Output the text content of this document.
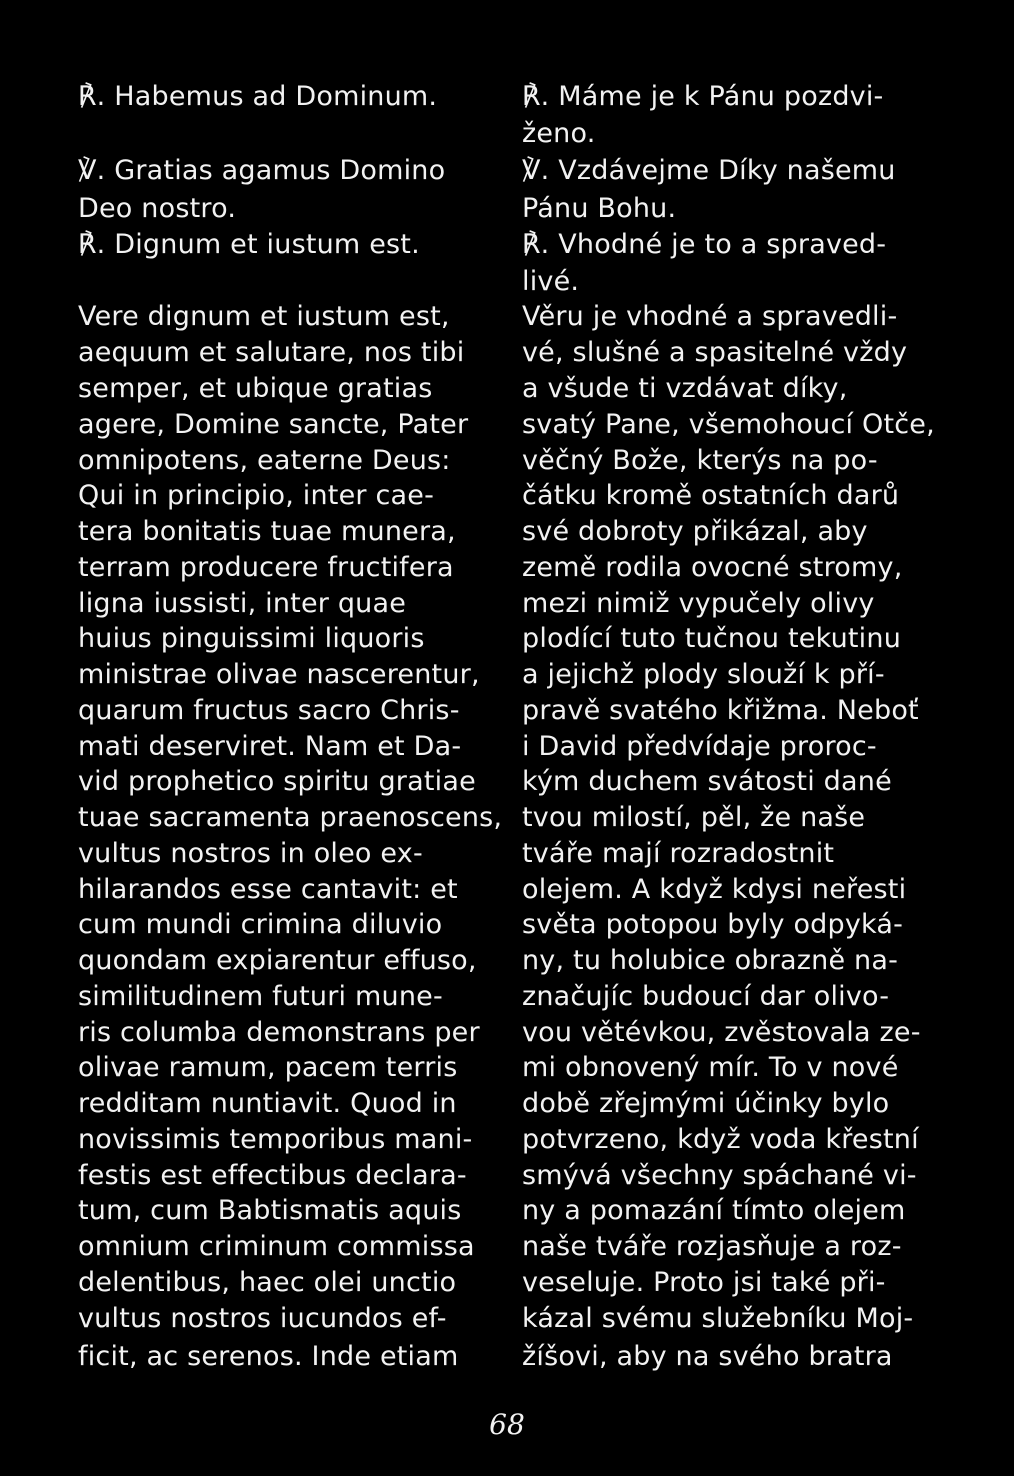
℟. Habemus ad Dominum.
℣. Gratias agamus Domino
Deo nostro.
℟. Dignum et iustum est.
Vere dignum et iustum est,
aequum et salutare, nos tibi
semper, et ubique gratias
agere, Domine sancte, Pater
omnipotens, eaterne Deus:
Qui in principio, inter cae-
tera bonitatis tuae munera,
terram producere fructifera
ligna iussisti, inter quae
huius pinguissimi liquoris
ministrae olivae nascerentur,
quarum fructus sacro Chris-
mati deserviret. Nam et Da-
vid prophetico spiritu gratiae
tuae sacramenta praenoscens,
vultus nostros in oleo ex-
hilarandos esse cantavit: et
cum mundi crimina diluvio
quondam expiarentur effuso,
similitudinem futuri mune-
ris columba demonstrans per
olivae ramum, pacem terris
redditam nuntiavit. Quod in
novissimis temporibus mani-
festis est effectibus declara-
tum, cum Babtismatis aquis
omnium criminum commissa
delentibus, haec olei unctio
vultus nostros iucundos ef-
ficit, ac serenos. Inde etiam
℟. Máme je k Pánu pozdvi-
ženo.
℣. Vzdávejme Díky našemu
Pánu Bohu.
℟. Vhodné je to a spraved-
livé.
Věru je vhodné a spravedli-
vé, slušné a spasitelné vždy
a všude ti vzdávat díky,
svatý Pane, všemohoucí Otče,
věčný Bože, kterýs na po-
čátku kromě ostatních darů
své dobroty přikázal, aby
země rodila ovocné stromy,
mezi nimiž vypučely olivy
plodící tuto tučnou tekutinu
a jejichž plody slouží k pří-
pravě svatého křižma. Neboť
i David předvídaje proroc-
kým duchem svátosti dané
tvou milostí, pěl, že naše
tváře mají rozradostnit
olejem. A když kdysi neřesti
světa potopou byly odpyká-
ny, tu holubice obrazně na-
značujíc budoucí dar olivo-
vou větévkou, zvěstovala ze-
mi obnovený mír. To v nové
době zřejmými účinky bylo
potvrzeno, když voda křestní
smývá všechny spáchané vi-
ny a pomazání tímto olejem
naše tváře rozjasňuje a roz-
veseluje. Proto jsi také při-
kázal svému služebníku Moj-
žíšovi, aby na svého bratra
68
